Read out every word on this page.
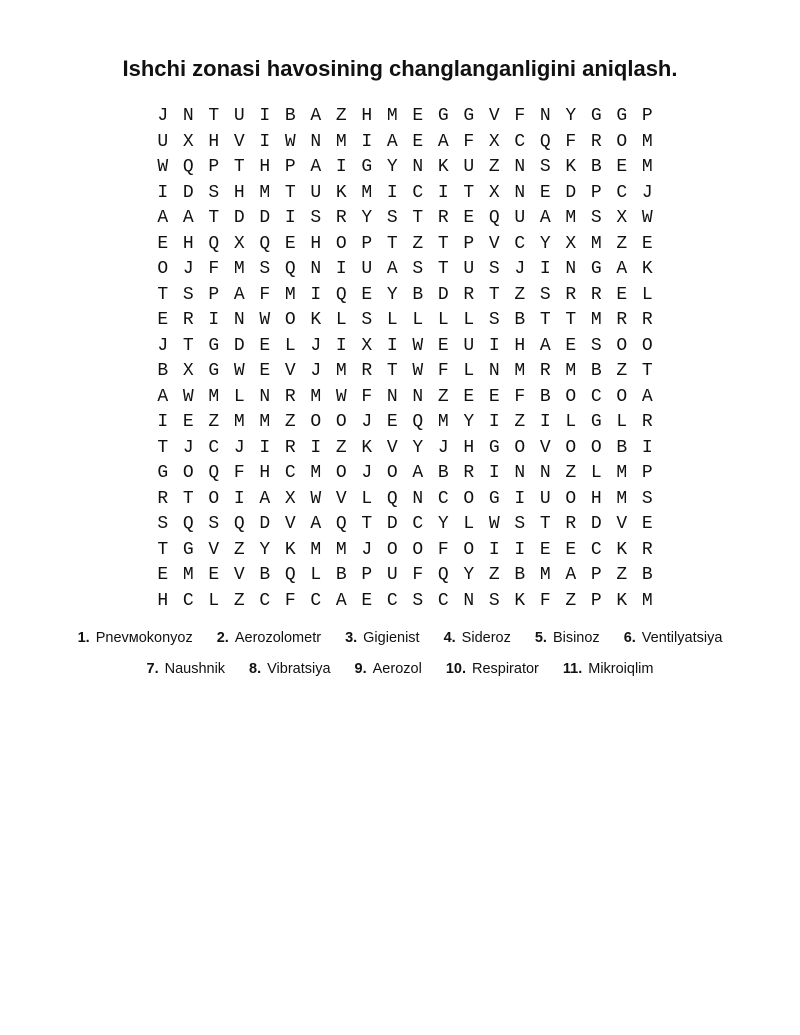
Ishchi zonasi havosining changlanganligini aniqlash.
J N T U I B A Z H M E G G V F N Y G G P
U X H V I W N M I A E A F X C Q F R O M
W Q P T H P A I G Y N K U Z N S K B E M
I D S H M T U K M I C I T X N E D P C J
A A T D D I S R Y S T R E Q U A M S X W
E H Q X Q E H O P T Z T P V C Y X M Z E
O J F M S Q N I U A S T U S J I N G A K
T S P A F M I Q E Y B D R T Z S R R E L
E R I N W O K L S L L L L S B T T M R R
J T G D E L J I X I W E U I H A E S O O
B X G W E V J M R T W F L N M R M B Z T
A W M L N R M W F N N Z E E F B O C O A
I E Z M M Z O O J E Q M Y I Z I L G L R
T J C J I R I Z K V Y J H G O V O O B I
G O Q F H C M O J O A B R I N N Z L M P
R T O I A X W V L Q N C O G I U O H M S
S Q S Q D V A Q T D C Y L W S T R D V E
T G V Z Y K M M J O O F O I I E E C K R
E M E V B Q L B P U F Q Y Z B M A P Z B
H C L Z C F C A E C S C N S K F Z P K M
1. Pnevмokonyoz 2. Aerozolometr 3. Gigienist 4. Sideroz 5. Bisinoz 6. Ventilyatsiya
7. Naushnik 8. Vibratsiya 9. Aerozol 10. Respirator 11. Mikroiqlim
